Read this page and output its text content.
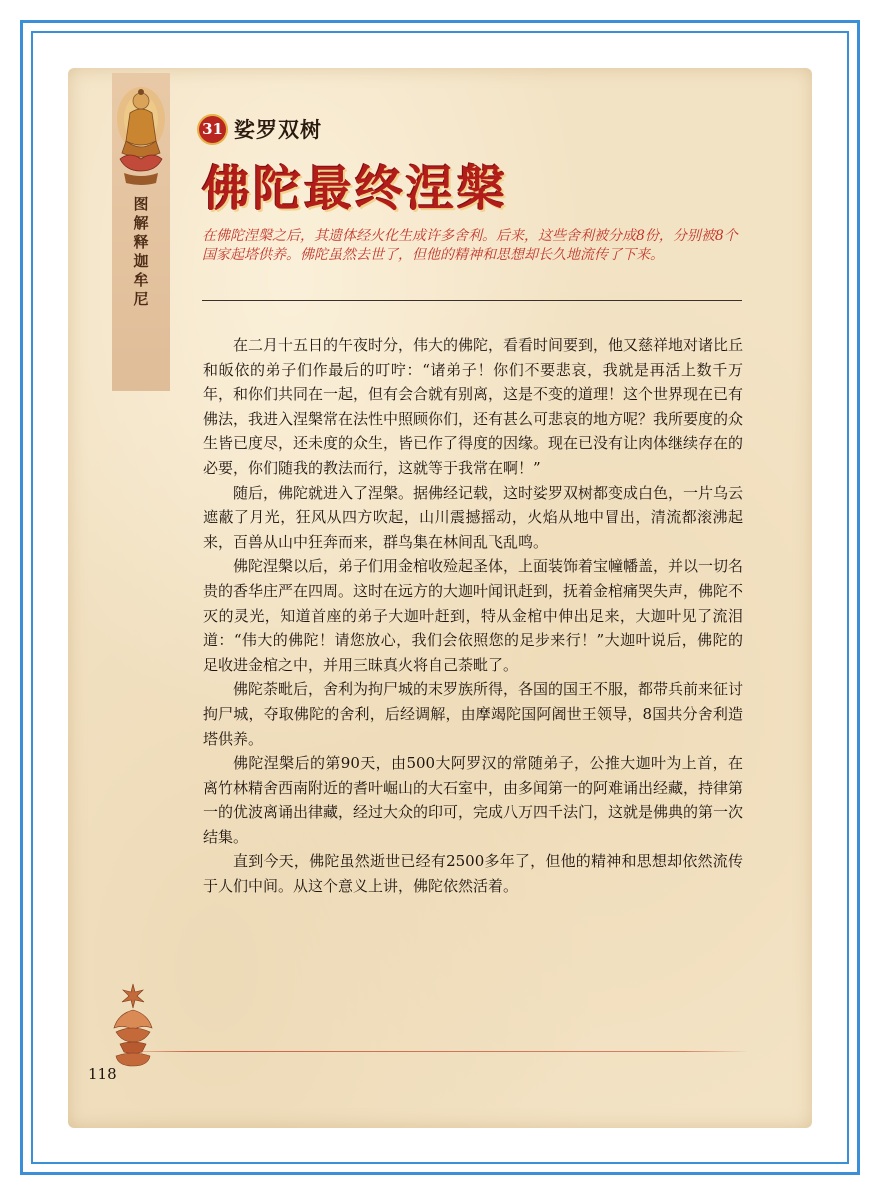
图
解
释
迦
牟
尼
31 娑罗双树
佛陀最终涅槃
在佛陀涅槃之后，其遗体经火化生成许多舍利。后来，这些舍利被分成8份，分别被8个国家起塔供养。佛陀虽然去世了，但他的精神和思想却长久地流传了下来。

在二月十五日的午夜时分，伟大的佛陀，看看时间要到，他又慈祥地对诸比丘和皈依的弟子们作最后的叮咛：“诸弟子！你们不要悲哀，我就是再活上数千万年，和你们共同在一起，但有会合就有别离，这是不变的道理！这个世界现在已有佛法，我进入涅槃常在法性中照顾你们，还有甚么可悲哀的地方呢？我所要度的众生皆已度尽，还未度的众生，皆已作了得度的因缘。现在已没有让肉体继续存在的必要，你们随我的教法而行，这就等于我常在啊！”

随后，佛陀就进入了涅槃。据佛经记载，这时娑罗双树都变成白色，一片乌云遮蔽了月光，狂风从四方吹起，山川震撼摇动，火焰从地中冒出，清流都滚沸起来，百兽从山中狂奔而来，群鸟集在林间乱飞乱鸣。

佛陀涅槃以后，弟子们用金棺收殓起圣体，上面装饰着宝幢幡盖，并以一切名贵的香华庄严在四周。这时在远方的大迦叶闻讯赶到，抚着金棺痛哭失声，佛陀不灭的灵光，知道首座的弟子大迦叶赶到，特从金棺中伸出足来，大迦叶见了流泪道：“伟大的佛陀！请您放心，我们会依照您的足步来行！”大迦叶说后，佛陀的足收进金棺之中，并用三昧真火将自己荼毗了。

佛陀荼毗后，舍利为拘尸城的末罗族所得，各国的国王不服，都带兵前来征讨拘尸城，夺取佛陀的舍利，后经调解，由摩竭陀国阿阇世王领导，8国共分舍利造塔供养。

佛陀涅槃后的第90天，由500大阿罗汉的常随弟子，公推大迦叶为上首，在离竹林精舍西南附近的耆叶崛山的大石室中，由多闻第一的阿难诵出经藏，持律第一的优波离诵出律藏，经过大众的印可，完成八万四千法门，这就是佛典的第一次结集。

直到今天，佛陀虽然逝世已经有2500多年了，但他的精神和思想却依然流传于人们中间。从这个意义上讲，佛陀依然活着。

118
